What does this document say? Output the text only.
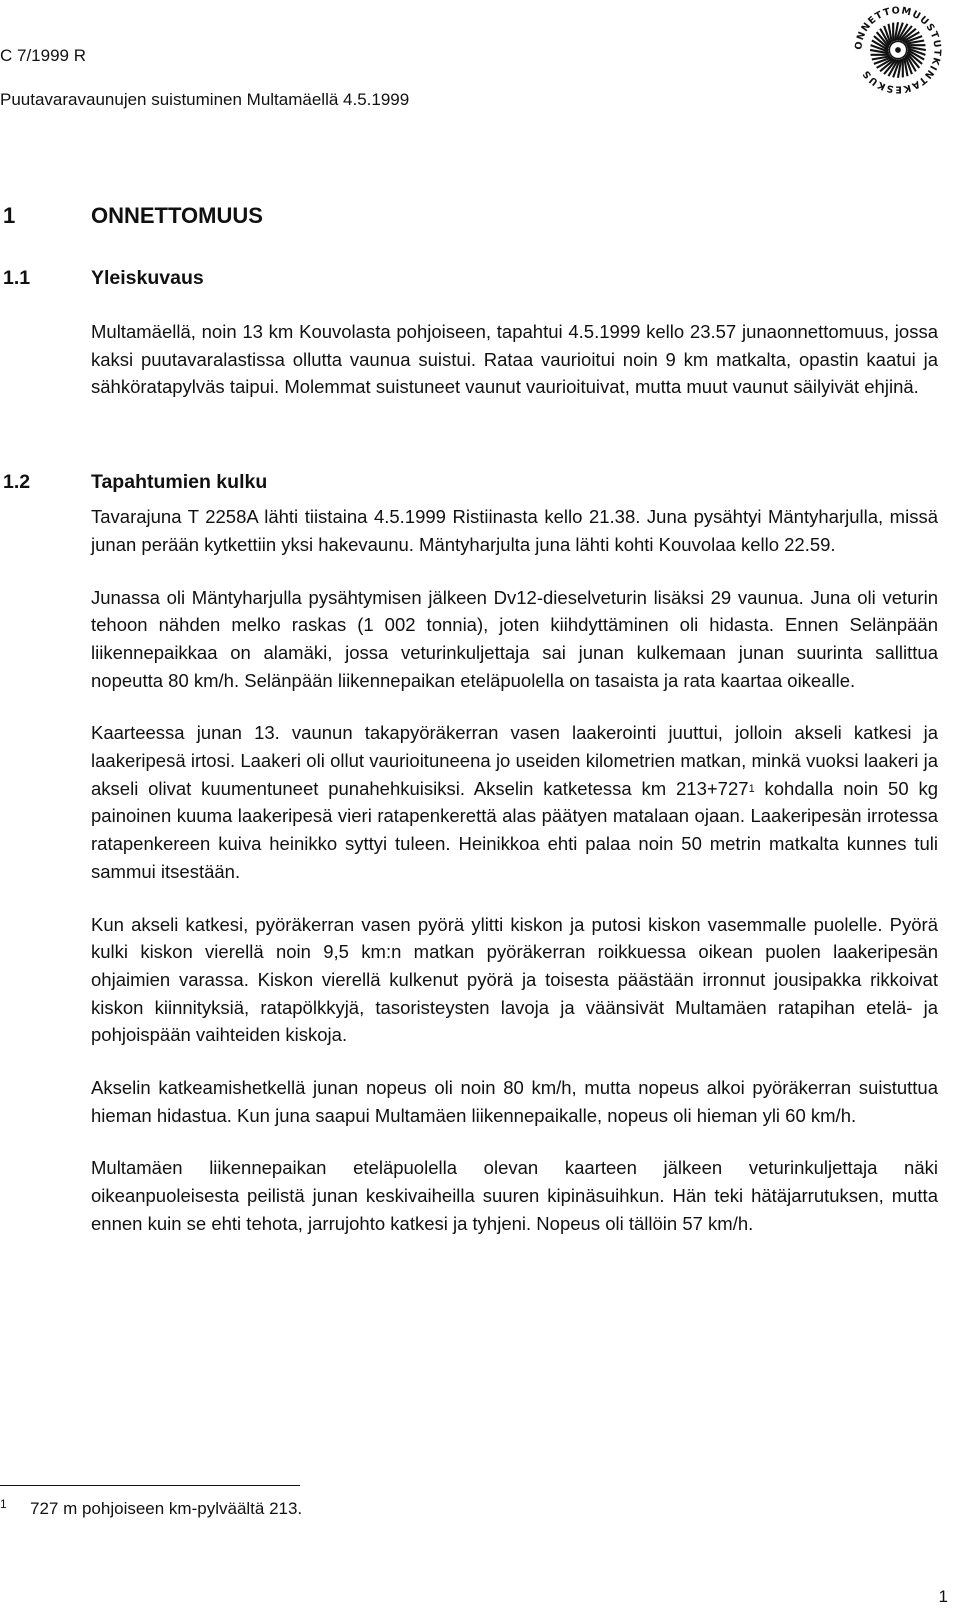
C 7/1999 R
Puutavaravaunujen suistuminen Multamäellä 4.5.1999
ONNETTOMUUSTUTKINTAKESKUS
1	ONNETTOMUUS
1.1	Yleiskuvaus
1.2	Tapahtumien kulku

Multamäellä, noin 13 km Kouvolasta pohjoiseen, tapahtui 4.5.1999 kello 23.57 junaonnettomuus, jossa kaksi puutavaralastissa ollutta vaunua suistui. Rataa vaurioitui noin 9 km matkalta, opastin kaatui ja sähköratapylväs taipui. Molemmat suistuneet vaunut vaurioituivat, mutta muut vaunut säilyivät ehjinä.

Tavarajuna T 2258A lähti tiistaina 4.5.1999 Ristiinasta kello 21.38. Juna pysähtyi Mäntyharjulla, missä junan perään kytkettiin yksi hakevaunu. Mäntyharjulta juna lähti kohti Kouvolaa kello 22.59.

Junassa oli Mäntyharjulla pysähtymisen jälkeen Dv12-dieselveturin lisäksi 29 vaunua. Juna oli veturin tehoon nähden melko raskas (1 002 tonnia), joten kiihdyttäminen oli hidasta. Ennen Selänpään liikennepaikkaa on alamäki, jossa veturinkuljettaja sai junan kulkemaan junan suurinta sallittua nopeutta 80 km/h. Selänpään liikennepaikan eteläpuolella on tasaista ja rata kaartaa oikealle.

Kaarteessa junan 13. vaunun takapyöräkerran vasen laakerointi juuttui, jolloin akseli katkesi ja laakeripesä irtosi. Laakeri oli ollut vaurioituneena jo useiden kilometrien matkan, minkä vuoksi laakeri ja akseli olivat kuumentuneet punahehkuisiksi. Akselin katketessa km $213+727^1$ kohdalla noin 50 kg painoinen kuuma laakeripesä vieri ratapenkerettä alas päätyen matalaan ojaan. Laakeripesän irrotessa ratapenkereen kuiva heinikko syttyi tuleen. Heinikkoa ehti palaa noin 50 metrin matkalta kunnes tuli sammui itsestään.

Kun akseli katkesi, pyöräkerran vasen pyörä ylitti kiskon ja putosi kiskon vasemmalle puolelle. Pyörä kulki kiskon vierellä noin 9,5 km:n matkan pyöräkerran roikkuessa oikean puolen laakeripesän ohjaimien varassa. Kiskon vierellä kulkenut pyörä ja toisesta päästään irronnut jousipakka rikkoivat kiskon kiinnityksiä, ratapölkkyjä, tasoristeysten lavoja ja väänsivät Multamäen ratapihan etelä- ja pohjoispään vaihteiden kiskoja.

Akselin katkeamishetkellä junan nopeus oli noin 80 km/h, mutta nopeus alkoi pyöräkerran suistuttua hieman hidastua. Kun juna saapui Multamäen liikennepaikalle, nopeus oli hieman yli 60 km/h.

Multamäen liikennepaikan eteläpuolella olevan kaarteen jälkeen veturinkuljettaja näki oikeanpuoleisesta peilistä junan keskivaiheilla suuren kipinäsuihkun. Hän teki hätäjarrutuksen, mutta ennen kuin se ehti tehota, jarrujohto katkesi ja tyhjeni. Nopeus oli tällöin 57 km/h.

1 727 m pohjoiseen km-pylväältä 213.
1
